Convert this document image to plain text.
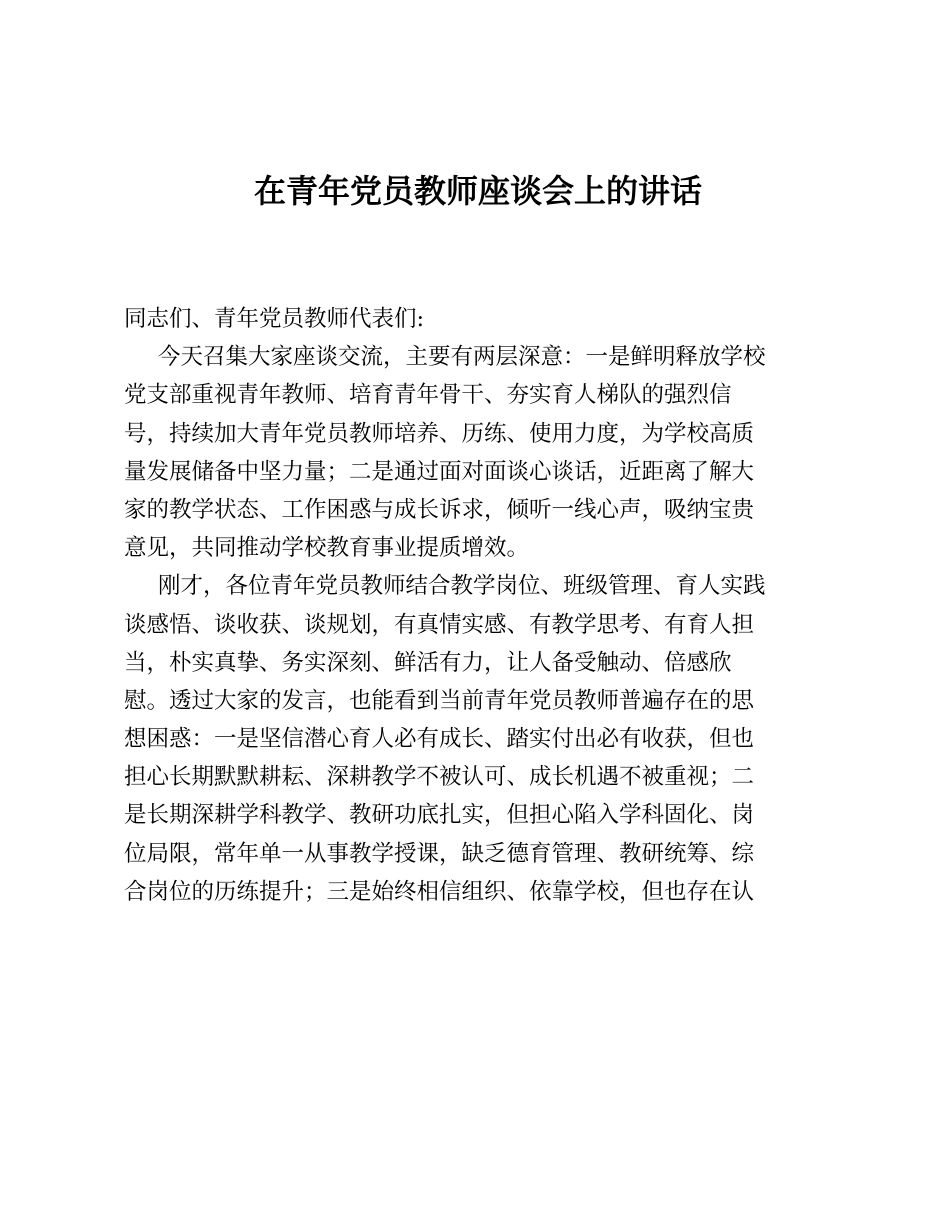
在青年党员教师座谈会上的讲话
同志们、青年党员教师代表们:
今天召集大家座谈交流，主要有两层深意：一是鲜明释放学校
党支部重视青年教师、培育青年骨干、夯实育人梯队的强烈信
号，持续加大青年党员教师培养、历练、使用力度，为学校高质
量发展储备中坚力量；二是通过面对面谈心谈话，近距离了解大
家的教学状态、工作困惑与成长诉求，倾听一线心声，吸纳宝贵
意见，共同推动学校教育事业提质增效。
刚才，各位青年党员教师结合教学岗位、班级管理、育人实践
谈感悟、谈收获、谈规划，有真情实感、有教学思考、有育人担
当，朴实真挚、务实深刻、鲜活有力，让人备受触动、倍感欣
慰。透过大家的发言，也能看到当前青年党员教师普遍存在的思
想困惑：一是坚信潜心育人必有成长、踏实付出必有收获，但也
担心长期默默耕耘、深耕教学不被认可、成长机遇不被重视；二
是长期深耕学科教学、教研功底扎实，但担心陷入学科固化、岗
位局限，常年单一从事教学授课，缺乏德育管理、教研统筹、综
合岗位的历练提升；三是始终相信组织、依靠学校，但也存在认
